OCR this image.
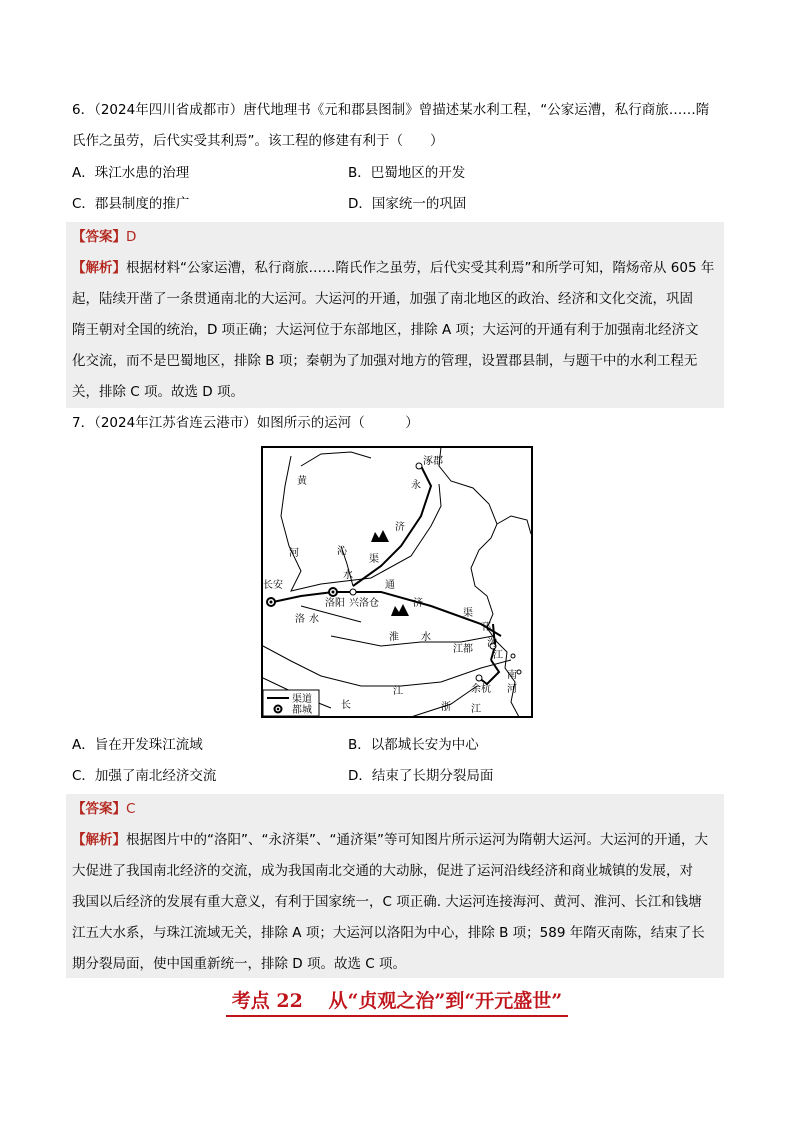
6．（2024年四川省成都市）唐代地理书《元和郡县图制》曾描述某水利工程，“公家运漕，私行商旅……隋
氏作之虽劳，后代实受其利焉”。该工程的修建有利于（　　）
A．珠江水患的治理	B．巴蜀地区的开发
C．郡县制度的推广	D．国家统一的巩固
【答案】D
【解析】根据材料“公家运漕，私行商旅……隋氏作之虽劳，后代实受其利焉”和所学可知，隋炀帝从 605 年
起，陆续开凿了一条贯通南北的大运河。大运河的开通，加强了南北地区的政治、经济和文化交流，巩固
隋王朝对全国的统治，D 项正确；大运河位于东部地区，排除 A 项；大运河的开通有利于加强南北经济文
化交流，而不是巴蜀地区，排除 B 项；秦朝为了加强对地方的管理，设置郡县制，与题干中的水利工程无
关，排除 C 项。故选 D 项。
7．（2024年江苏省连云港市）如图所示的运河（　　　）
涿郡
黄
河
永
济
渠
沁
水
长安	通
济
渠
洛阳 兴洛仓
洛 水
淮 水
邗
沟
江都
江
南
河
余杭
江
长	浙 江
渠道
都城
A．旨在开发珠江流域	B．以都城长安为中心
C．加强了南北经济交流	D．结束了长期分裂局面
【答案】C
【解析】根据图片中的“洛阳”、“永济渠”、“通济渠”等可知图片所示运河为隋朝大运河。大运河的开通，大
大促进了我国南北经济的交流，成为我国南北交通的大动脉，促进了运河沿线经济和商业城镇的发展，对
我国以后经济的发展有重大意义，有利于国家统一，C 项正确. 大运河连接海河、黄河、淮河、长江和钱塘
江五大水系，与珠江流域无关，排除 A 项；大运河以洛阳为中心，排除 B 项；589 年隋灭南陈，结束了长
期分裂局面，使中国重新统一，排除 D 项。故选 C 项。
考点 22　 从“贞观之治”到“开元盛世”
